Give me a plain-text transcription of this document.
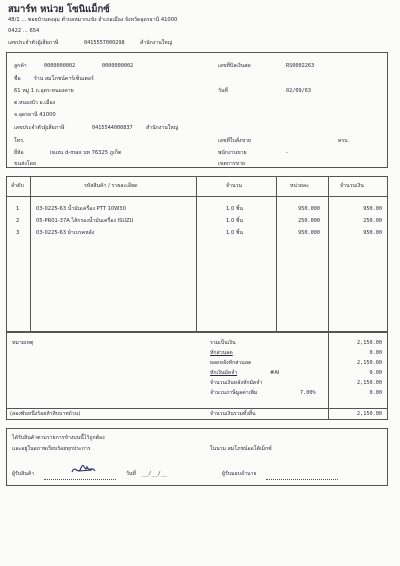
สมาร์ท หน่วย โซนิแม็กซ์
48/1 ... ซอยบ้านตงลุม ตำบลหมากแข้ง อำเภอเมือง จังหวัดอุดรธานี 41000
0422 ... 654
เลขประจำตัวผู้เสียภาษี	0415557000298	สำนักงานใหญ่
ลูกค้า	0000000002	0000000002
ชื่อ	ร้าน สมโภชน์คาร์เซ็นเตอร์
61 หมู่ 1 ถ.อุดร-หนองคาย
ต.หนองบัว อ.เมือง
จ.อุดรธานี 41000
เลขประจำตัวผู้เสียภาษี	0415544000837	สำนักงานใหญ่
โทร.
ยี่ห้อ	isuzu d-max บท 76325 ภูเก็ต
ขนส่งโดย
เลขที่บิลเงินสด	RS0002263
วันที่	02/09/63
เลขที่ใบสั่งขาย	ครบ.
พนักงานขาย	-
เขตการขาย
ลำดับ	รหัสสินค้า / รายละเอียด	จำนวน	หน่วยละ	จำนวนเงิน
1	03-0225-63 น้ำมันเครื่อง PTT 10W30	1.0 ชิ้น	950.000	950.00
2	05-PR01-37A ไส้กรองน้ำมันเครื่อง ISUZU	1.0 ชิ้น	250.000	250.00
3	03-0225-63 ผ้าเบรคหลัง	1.0 ชิ้น	950.000	950.00
หมายเหตุ	รวมเป็นเงิน	2,150.00
หักส่วนลด	0.00
ยอดหลังหักส่วนลด	2,150.00
หักเงินมัดจำ	#AI	0.00
จำนวนเงินหลังหักมัดจำ	2,150.00
จำนวนภาษีมูลค่าเพิ่ม	7.00%	0.00
(สองพันหนึ่งร้อยห้าสิบบาทถ้วน)	จำนวนเงินรวมทั้งสิ้น	2,150.00
ได้รับสินค้าตามรายการข้างบนนี้ไว้ถูกต้อง
และอยู่ในสภาพเรียบร้อยทุกประการ	ในนาม สมโภชน์ออโต้เม็กซ์
ผู้รับสินค้า	วันที่ __/__/__	ผู้รับมอบอำนาจ
